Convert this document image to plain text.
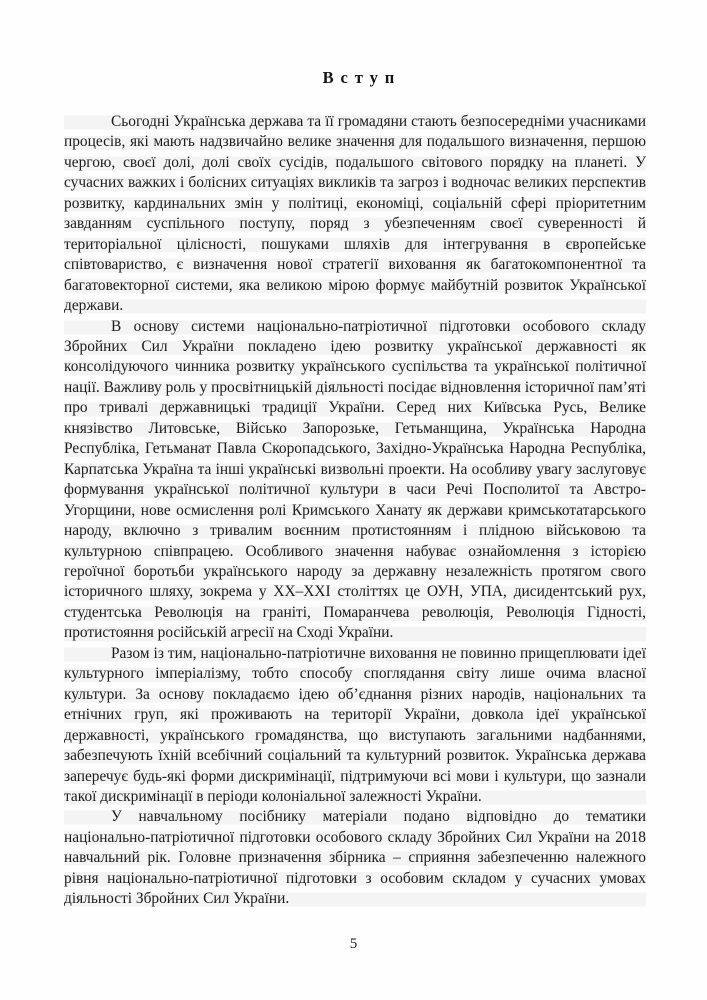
Вступ

Сьогодні Українська держава та її громадяни стають безпосередніми учасниками процесів, які мають надзвичайно велике значення для подальшого визначення, першою чергою, своєї долі, долі своїх сусідів, подальшого світового порядку на планеті. У сучасних важких і болісних ситуаціях викликів та загроз і водночас великих перспектив розвитку, кардинальних змін у політиці, економіці, соціальній сфері пріоритетним завданням суспільного поступу, поряд з убезпеченням своєї суверенності й територіальної цілісності, пошуками шляхів для інтегрування в європейське співтовариство, є визначення нової стратегії виховання як багатокомпонентної та багатовекторної системи, яка великою мірою формує майбутній розвиток Української держави.

В основу системи національно-патріотичної підготовки особового складу Збройних Сил України покладено ідею розвитку української державності як консолідуючого чинника розвитку українського суспільства та української політичної нації. Важливу роль у просвітницькій діяльності посідає відновлення історичної пам’яті про тривалі державницькі традиції України. Серед них Київська Русь, Велике князівство Литовське, Військо Запорозьке, Гетьманщина, Українська Народна Республіка, Гетьманат Павла Скоропадського, Західно-Українська Народна Республіка, Карпатська Україна та інші українські визвольні проекти. На особливу увагу заслуговує формування української політичної культури в часи Речі Посполитої та Австро-Угорщини, нове осмислення ролі Кримського Ханату як держави кримськотатарського народу, включно з тривалим воєнним протистоянням і плідною військовою та культурною співпрацею. Особливого значення набуває ознайомлення з історією героїчної боротьби українського народу за державну незалежність протягом свого історичного шляху, зокрема у XX–XXI століттях це ОУН, УПА, дисидентський рух, студентська Революція на граніті, Помаранчева революція, Революція Гідності, протистояння російській агресії на Сході України.

Разом із тим, національно-патріотичне виховання не повинно прищеплювати ідеї культурного імперіалізму, тобто способу споглядання світу лише очима власної культури. За основу покладаємо ідею об’єднання різних народів, національних та етнічних груп, які проживають на території України, довкола ідеї української державності, українського громадянства, що виступають загальними надбаннями, забезпечують їхній всебічний соціальний та культурний розвиток. Українська держава заперечує будь-які форми дискримінації, підтримуючи всі мови і культури, що зазнали такої дискримінації в періоди колоніальної залежності України.

У навчальному посібнику матеріали подано відповідно до тематики національно-патріотичної підготовки особового складу Збройних Сил України на 2018 навчальний рік. Головне призначення збірника – сприяння забезпеченню належного рівня національно-патріотичної підготовки з особовим складом у сучасних умовах діяльності Збройних Сил України.

5
